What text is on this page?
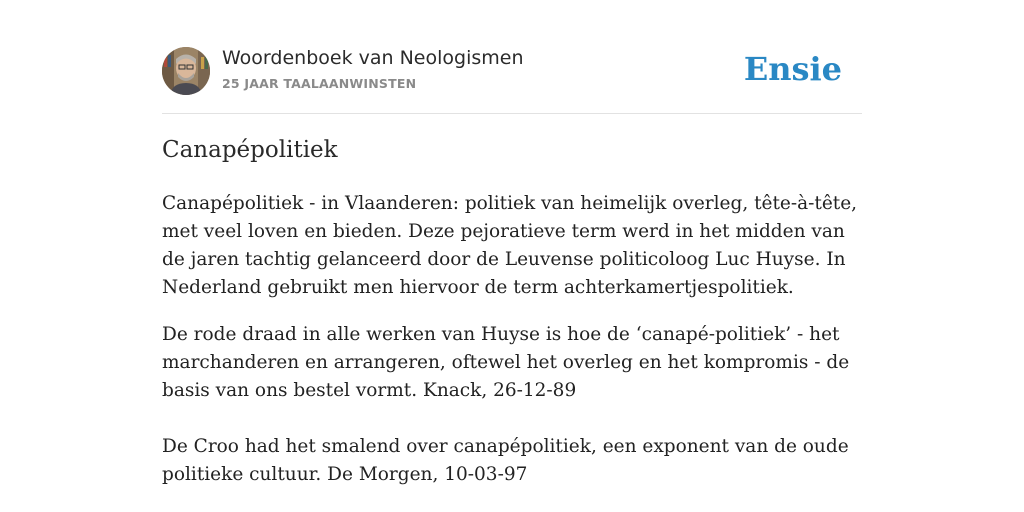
Woordenboek van Neologismen
25 JAAR TAALAANWINSTEN	Ensie
Canapépolitiek
Canapépolitiek - in Vlaanderen: politiek van heimelijk overleg, tête-à-tête, met veel loven en bieden. Deze pejoratieve term werd in het midden van de jaren tachtig gelanceerd door de Leuvense politicoloog Luc Huyse. In Nederland gebruikt men hiervoor de term achterkamertjespolitiek.
De rode draad in alle werken van Huyse is hoe de ‘canapé-politiek’ - het marchanderen en arrangeren, oftewel het overleg en het kompromis - de basis van ons bestel vormt. Knack, 26-12-89
De Croo had het smalend over canapépolitiek, een exponent van de oude politieke cultuur. De Morgen, 10-03-97
